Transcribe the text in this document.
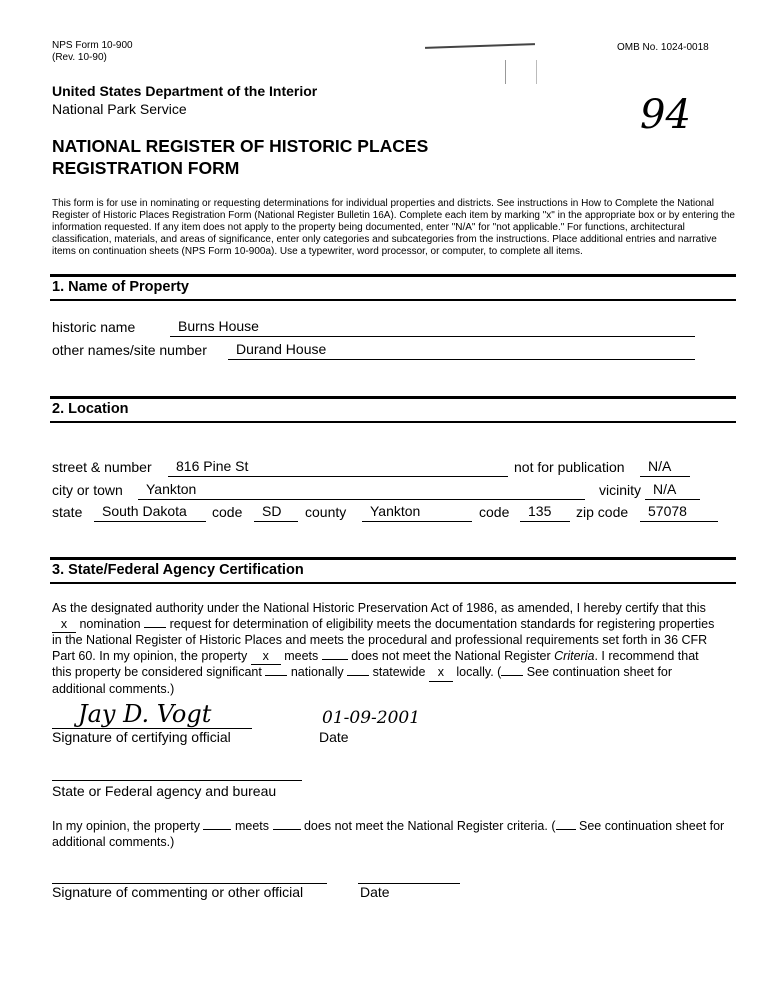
NPS Form 10-900
(Rev. 10-90)
OMB No. 1024-0018
94
United States Department of the Interior
National Park Service
NATIONAL REGISTER OF HISTORIC PLACES
REGISTRATION FORM
This form is for use in nominating or requesting determinations for individual properties and districts. See instructions in How to Complete the National Register of Historic Places Registration Form (National Register Bulletin 16A). Complete each item by marking "x" in the appropriate box or by entering the information requested. If any item does not apply to the property being documented, enter "N/A" for "not applicable." For functions, architectural classification, materials, and areas of significance, enter only categories and subcategories from the instructions. Place additional entries and narrative items on continuation sheets (NPS Form 10-900a). Use a typewriter, word processor, or computer, to complete all items.
1. Name of Property
historic name	Burns House
other names/site number	Durand House
2. Location
street & number	816 Pine St	not for publication	N/A
city or town	Yankton	vicinity N/A
state	South Dakota	code	SD	county	Yankton	code	135	zip code	57078
3. State/Federal Agency Certification
As the designated authority under the National Historic Preservation Act of 1986, as amended, I hereby certify that this
x nomination request for determination of eligibility meets the documentation standards for registering properties
in the National Register of Historic Places and meets the procedural and professional requirements set forth in 36 CFR
Part 60. In my opinion, the property x meets	does not meet the National Register Criteria. I recommend that
this property be considered significant nationally statewide x locally. ( See continuation sheet for
additional comments.)
Jay D. Vogt	01-09-2001
Signature of certifying official	Date
State or Federal agency and bureau
In my opinion, the property	meets	does not meet the National Register criteria. ( See continuation sheet for
additional comments.)
Signature of commenting or other official	Date
